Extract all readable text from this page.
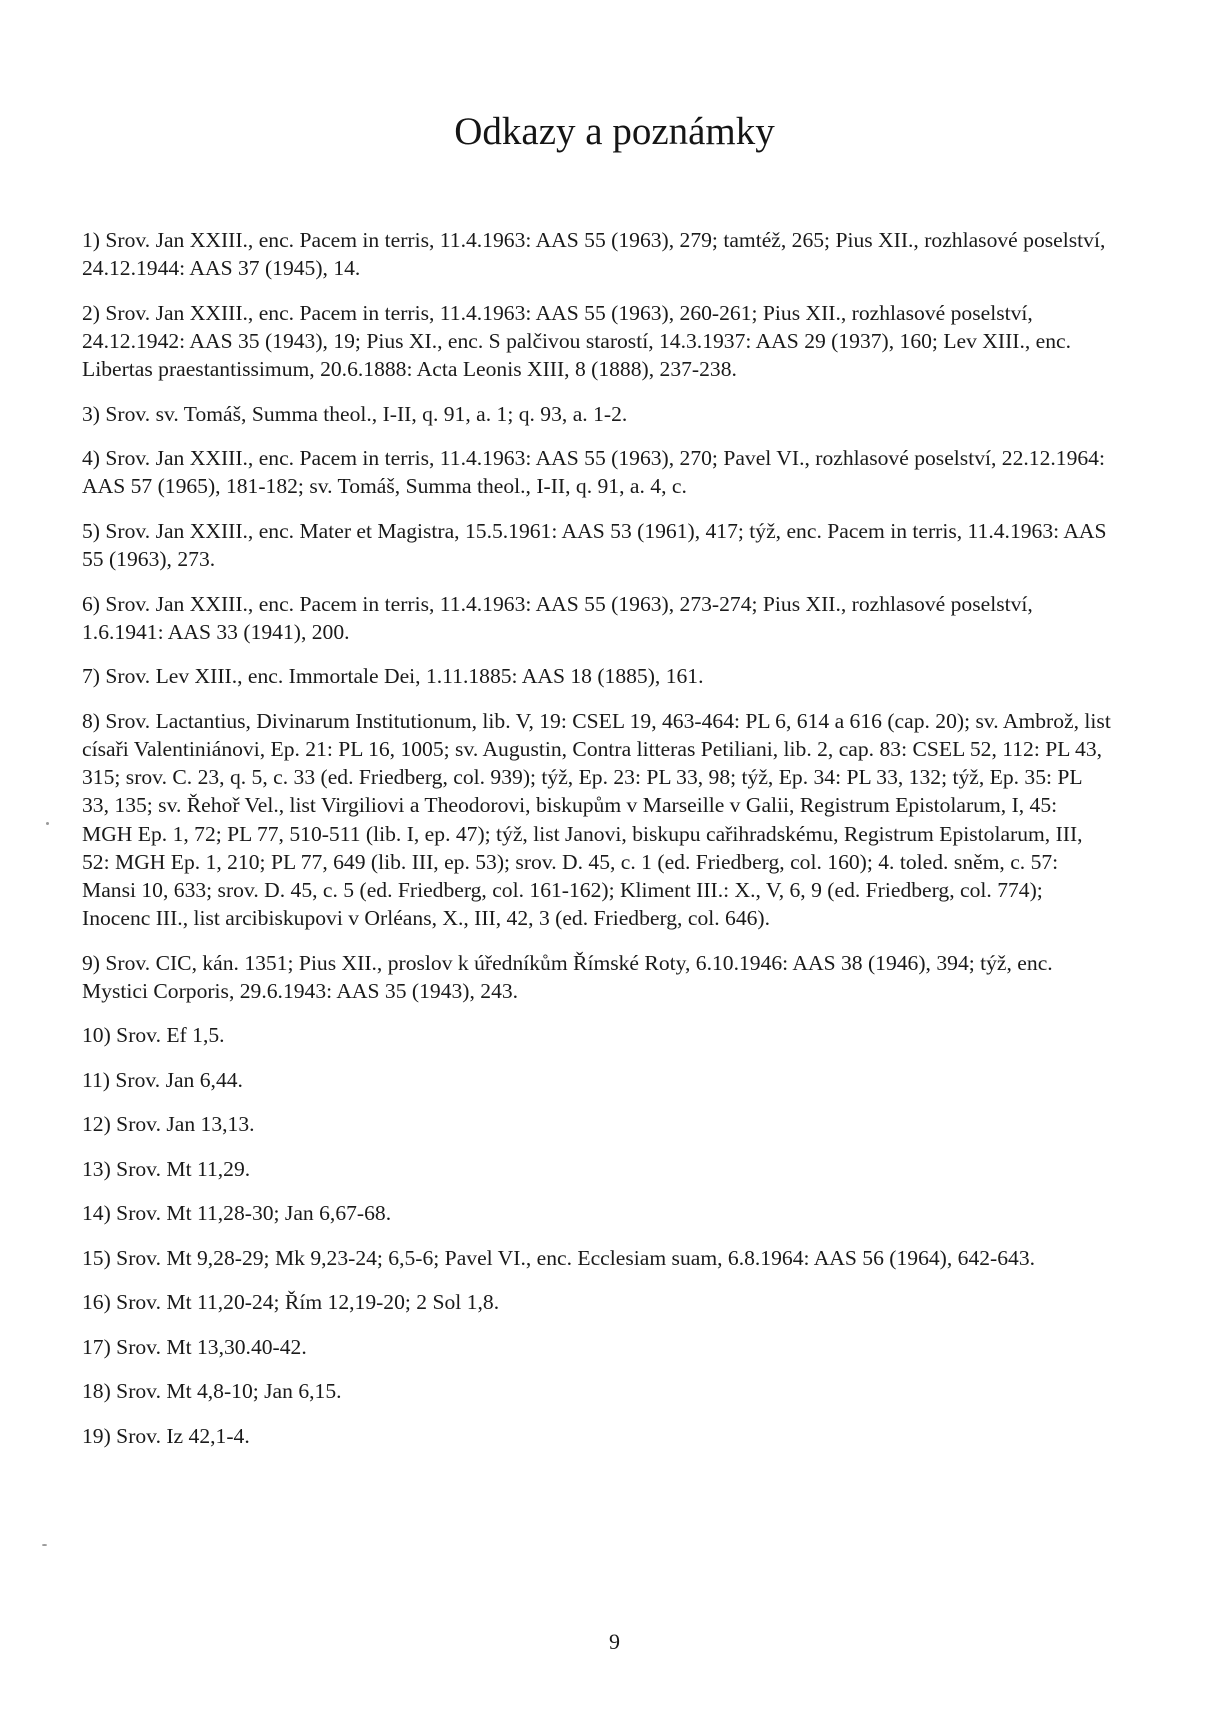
Odkazy a poznámky
1) Srov. Jan XXIII., enc. Pacem in terris, 11.4.1963: AAS 55 (1963), 279; tamtéž, 265; Pius XII., rozhlasové poselství, 24.12.1944: AAS 37 (1945), 14.
2) Srov. Jan XXIII., enc. Pacem in terris, 11.4.1963: AAS 55 (1963), 260-261; Pius XII., rozhlasové poselství, 24.12.1942: AAS 35 (1943), 19; Pius XI., enc. S palčivou starostí, 14.3.1937: AAS 29 (1937), 160; Lev XIII., enc. Libertas praestantissimum, 20.6.1888: Acta Leonis XIII, 8 (1888), 237-238.
3) Srov. sv. Tomáš, Summa theol., I-II, q. 91, a. 1; q. 93, a. 1-2.
4) Srov. Jan XXIII., enc. Pacem in terris, 11.4.1963: AAS 55 (1963), 270; Pavel VI., rozhlasové poselství, 22.12.1964: AAS 57 (1965), 181-182; sv. Tomáš, Summa theol., I-II, q. 91, a. 4, c.
5) Srov. Jan XXIII., enc. Mater et Magistra, 15.5.1961: AAS 53 (1961), 417; týž, enc. Pacem in terris, 11.4.1963: AAS 55 (1963), 273.
6) Srov. Jan XXIII., enc. Pacem in terris, 11.4.1963: AAS 55 (1963), 273-274; Pius XII., rozhlasové poselství, 1.6.1941: AAS 33 (1941), 200.
7) Srov. Lev XIII., enc. Immortale Dei, 1.11.1885: AAS 18 (1885), 161.
8) Srov. Lactantius, Divinarum Institutionum, lib. V, 19: CSEL 19, 463-464: PL 6, 614 a 616 (cap. 20); sv. Ambrož, list císaři Valentiniánovi, Ep. 21: PL 16, 1005; sv. Augustin, Contra litteras Petiliani, lib. 2, cap. 83: CSEL 52, 112: PL 43, 315; srov. C. 23, q. 5, c. 33 (ed. Friedberg, col. 939); týž, Ep. 23: PL 33, 98; týž, Ep. 34: PL 33, 132; týž, Ep. 35: PL 33, 135; sv. Řehoř Vel., list Virgiliovi a Theodorovi, biskupům v Marseille v Galii, Registrum Epistolarum, I, 45: MGH Ep. 1, 72; PL 77, 510-511 (lib. I, ep. 47); týž, list Janovi, biskupu cařihradskému, Registrum Epistolarum, III, 52: MGH Ep. 1, 210; PL 77, 649 (lib. III, ep. 53); srov. D. 45, c. 1 (ed. Friedberg, col. 160); 4. toled. sněm, c. 57: Mansi 10, 633; srov. D. 45, c. 5 (ed. Friedberg, col. 161-162); Kliment III.: X., V, 6, 9 (ed. Friedberg, col. 774); Inocenc III., list arcibiskupovi v Orléans, X., III, 42, 3 (ed. Friedberg, col. 646).
9) Srov. CIC, kán. 1351; Pius XII., proslov k úředníkům Římské Roty, 6.10.1946: AAS 38 (1946), 394; týž, enc. Mystici Corporis, 29.6.1943: AAS 35 (1943), 243.
10) Srov. Ef 1,5.
11) Srov. Jan 6,44.
12) Srov. Jan 13,13.
13) Srov. Mt 11,29.
14) Srov. Mt 11,28-30; Jan 6,67-68.
15) Srov. Mt 9,28-29; Mk 9,23-24; 6,5-6; Pavel VI., enc. Ecclesiam suam, 6.8.1964: AAS 56 (1964), 642-643.
16) Srov. Mt 11,20-24; Řím 12,19-20; 2 Sol 1,8.
17) Srov. Mt 13,30.40-42.
18) Srov. Mt 4,8-10; Jan 6,15.
19) Srov. Iz 42,1-4.
9
